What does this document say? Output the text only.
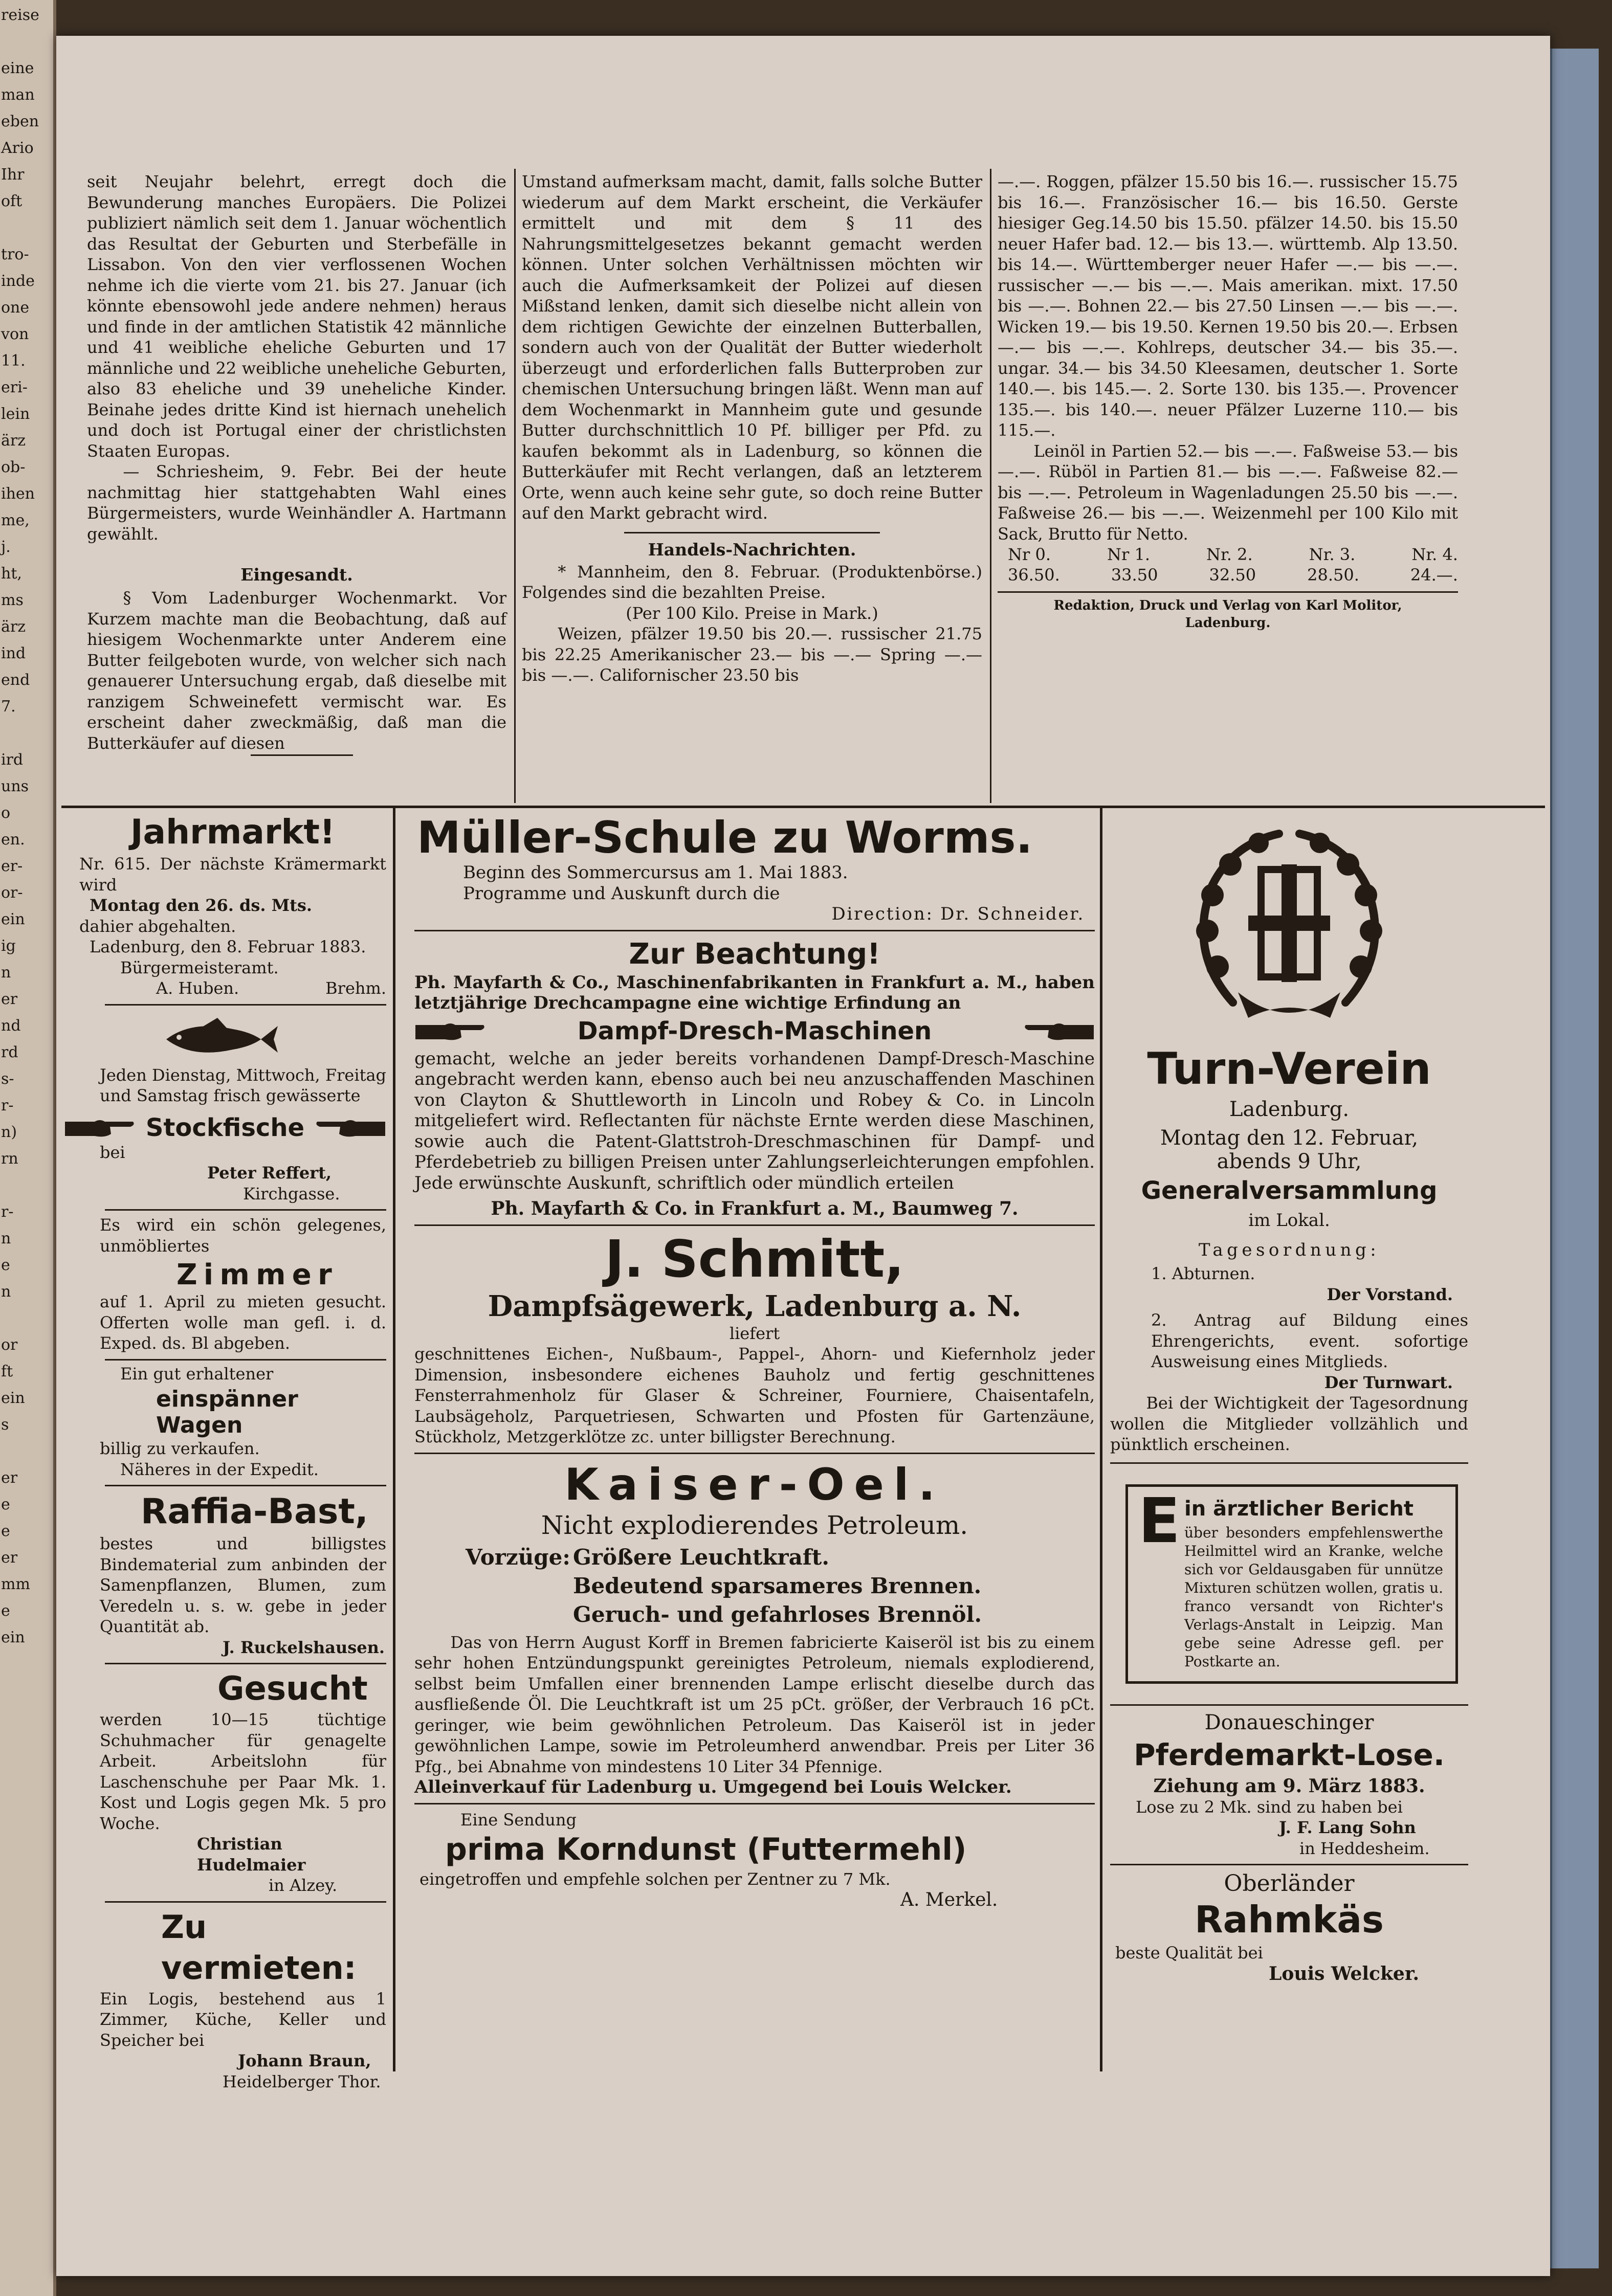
reise

eine
man
eben
Ario
Ihr
oft

tro-
inde
one
von
11.
eri-
lein
ärz
ob-
ihen
me,
j.
ht,
ms
ärz
ind
end
7.

ird
uns
o
en.
er-
or-
ein
ig
n
er
nd
rd
s-
r-
n)
rn

r-
n
e
n

or
ft
ein
s

er
e
e
er
mm
e
ein

seit Neujahr belehrt, erregt doch die Bewunderung manches Europäers. Die Polizei publiziert nämlich seit dem 1. Januar wöchentlich das Resultat der Geburten und Sterbefälle in Lissabon. Von den vier verflossenen Wochen nehme ich die vierte vom 21. bis 27. Januar (ich könnte ebensowohl jede andere nehmen) heraus und finde in der amtlichen Statistik 42 männliche und 41 weibliche eheliche Geburten und 17 männliche und 22 weibliche uneheliche Geburten, also 83 eheliche und 39 uneheliche Kinder. Beinahe jedes dritte Kind ist hiernach unehelich und doch ist Portugal einer der christlichsten Staaten Europas.

— Schriesheim, 9. Febr. Bei der heute nachmittag hier stattgehabten Wahl eines Bürgermeisters, wurde Weinhändler A. Hartmann gewählt.

Eingesandt.

§ Vom Ladenburger Wochenmarkt. Vor Kurzem machte man die Beobachtung, daß auf hiesigem Wochenmarkte unter Anderem eine Butter feilgeboten wurde, von welcher sich nach genauerer Untersuchung ergab, daß dieselbe mit ranzigem Schweinefett vermischt war. Es erscheint daher zweckmäßig, daß man die Butterkäufer auf diesen

Umstand aufmerksam macht, damit, falls solche Butter wiederum auf dem Markt erscheint, die Verkäufer ermittelt und mit dem § 11 des Nahrungsmittelgesetzes bekannt gemacht werden können. Unter solchen Verhältnissen möchten wir auch die Aufmerksamkeit der Polizei auf diesen Mißstand lenken, damit sich dieselbe nicht allein von dem richtigen Gewichte der einzelnen Butterballen, sondern auch von der Qualität der Butter wiederholt überzeugt und erforderlichen falls Butterproben zur chemischen Untersuchung bringen läßt. Wenn man auf dem Wochenmarkt in Mannheim gute und gesunde Butter durchschnittlich 10 Pf. billiger per Pfd. zu kaufen bekommt als in Ladenburg, so können die Butterkäufer mit Recht verlangen, daß an letzterem Orte, wenn auch keine sehr gute, so doch reine Butter auf den Markt gebracht wird.

Handels-Nachrichten.

* Mannheim, den 8. Februar. (Produktenbörse.) Folgendes sind die bezahlten Preise.

(Per 100 Kilo. Preise in Mark.)

Weizen, pfälzer 19.50 bis 20.—. russischer 21.75 bis 22.25 Amerikanischer 23.— bis —.— Spring —.— bis —.—. Californischer 23.50 bis

—.—. Roggen, pfälzer 15.50 bis 16.—. russischer 15.75 bis 16.—. Französischer 16.— bis 16.50. Gerste hiesiger Geg.14.50 bis 15.50. pfälzer 14.50. bis 15.50 neuer Hafer bad. 12.— bis 13.—. württemb. Alp 13.50. bis 14.—. Württemberger neuer Hafer —.— bis —.—. russischer —.— bis —.—. Mais amerikan. mixt. 17.50 bis —.—. Bohnen 22.— bis 27.50 Linsen —.— bis —.—. Wicken 19.— bis 19.50. Kernen 19.50 bis 20.—. Erbsen —.— bis —.—. Kohlreps, deutscher 34.— bis 35.—. ungar. 34.— bis 34.50 Kleesamen, deutscher 1. Sorte 140.—. bis 145.—. 2. Sorte 130. bis 135.—. Provencer 135.—. bis 140.—. neuer Pfälzer Luzerne 110.— bis 115.—.

Leinöl in Partien 52.— bis —.—. Faßweise 53.— bis —.—. Rüböl in Partien 81.— bis —.—. Faßweise 82.— bis —.—. Petroleum in Wagenladungen 25.50 bis —.—. Faßweise 26.— bis —.—. Weizenmehl per 100 Kilo mit Sack, Brutto für Netto.

Nr 0.	Nr 1.	Nr. 2.	Nr. 3.	Nr. 4.
36.50.	33.50	32.50	28.50.	24.—.

Redaktion, Druck und Verlag von Karl Molitor, Ladenburg.

Jahrmarkt!

Nr. 615. Der nächste Krämermarkt wird

Montag den 26. ds. Mts.

dahier abgehalten.

Ladenburg, den 8. Februar 1883.

Bürgermeisteramt.

A. Huben.	Brehm.

Jeden Dienstag, Mittwoch, Freitag und Samstag frisch gewässerte

Stockfische

bei

Peter Reffert,

Kirchgasse.

Es wird ein schön gelegenes, unmöbliertes

Zimmer

auf 1. April zu mieten gesucht. Offerten wolle man gefl. i. d. Exped. ds. Bl abgeben.

Ein gut erhaltener

einspänner Wagen

billig zu verkaufen.

Näheres in der Expedit.

Raffia-Bast,

bestes und billigstes Bindematerial zum anbinden der Samenpflanzen, Blumen, zum Veredeln u. s. w. gebe in jeder Quantität ab.

J. Ruckelshausen.

Gesucht

werden 10—15 tüchtige Schuhmacher für genagelte Arbeit. Arbeitslohn für Laschenschuhe per Paar Mk. 1. Kost und Logis gegen Mk. 5 pro Woche.

Christian Hudelmaier

in Alzey.

Zu vermieten:

Ein Logis, bestehend aus 1 Zimmer, Küche, Keller und Speicher bei

Johann Braun,

Heidelberger Thor.

Müller-Schule zu Worms.

Beginn des Sommercursus am 1. Mai 1883.

Programme und Auskunft durch die

Direction: Dr. Schneider.

Zur Beachtung!

Ph. Mayfarth & Co., Maschinenfabrikanten in Frankfurt a. M., haben letztjährige Drechcampagne eine wichtige Erfindung an

Dampf-Dresch-Maschinen

gemacht, welche an jeder bereits vorhandenen Dampf-Dresch-Maschine angebracht werden kann, ebenso auch bei neu anzuschaffenden Maschinen von Clayton & Shuttleworth in Lincoln und Robey & Co. in Lincoln mitgeliefert wird. Reflectanten für nächste Ernte werden diese Maschinen, sowie auch die Patent-Glattstroh-Dreschmaschinen für Dampf- und Pferdebetrieb zu billigen Preisen unter Zahlungserleichterungen empfohlen. Jede erwünschte Auskunft, schriftlich oder mündlich erteilen

Ph. Mayfarth & Co. in Frankfurt a. M., Baumweg 7.

J. Schmitt,

Dampfsägewerk, Ladenburg a. N.

liefert

geschnittenes Eichen-, Nußbaum-, Pappel-, Ahorn- und Kiefernholz jeder Dimension, insbesondere eichenes Bauholz und fertig geschnittenes Fensterrahmenholz für Glaser & Schreiner, Fourniere, Chaisentafeln, Laubsägeholz, Parquetriesen, Schwarten und Pfosten für Gartenzäune, Stückholz, Metzgerklötze zc. unter billigster Berechnung.

Kaiser-Oel.

Nicht explodierendes Petroleum.

Vorzüge: Größere Leuchtkraft.
Bedeutend sparsameres Brennen.
Geruch- und gefahrloses Brennöl.

Das von Herrn August Korff in Bremen fabricierte Kaiseröl ist bis zu einem sehr hohen Entzündungspunkt gereinigtes Petroleum, niemals explodierend, selbst beim Umfallen einer brennenden Lampe erlischt dieselbe durch das ausfließende Öl. Die Leuchtkraft ist um 25 pCt. größer, der Verbrauch 16 pCt. geringer, wie beim gewöhnlichen Petroleum. Das Kaiseröl ist in jeder gewöhnlichen Lampe, sowie im Petroleumherd anwendbar. Preis per Liter 36 Pfg., bei Abnahme von mindestens 10 Liter 34 Pfennige.

Alleinverkauf für Ladenburg u. Umgegend bei Louis Welcker.

Eine Sendung

prima Korndunst (Futtermehl)

eingetroffen und empfehle solchen per Zentner zu 7 Mk.

A. Merkel.

Turn-Verein

Ladenburg.

Montag den 12. Februar,

abends 9 Uhr,

Generalversammlung

im Lokal.

Tagesordnung:

1. Abturnen.

Der Vorstand.

2. Antrag auf Bildung eines Ehrengerichts, event. sofortige Ausweisung eines Mitglieds.

Der Turnwart.

Bei der Wichtigkeit der Tagesordnung wollen die Mitglieder vollzählich und pünktlich erscheinen.

E in ärztlicher Bericht

über besonders empfehlenswerthe Heilmittel wird an Kranke, welche sich vor Geldausgaben für unnütze Mixturen schützen wollen, gratis u. franco versandt von Richter's Verlags-Anstalt in Leipzig. Man gebe seine Adresse gefl. per Postkarte an.

Donaueschinger

Pferdemarkt-Lose.

Ziehung am 9. März 1883.

Lose zu 2 Mk. sind zu haben bei

J. F. Lang Sohn

in Heddesheim.

Oberländer

Rahmkäs

beste Qualität bei

Louis Welcker.
